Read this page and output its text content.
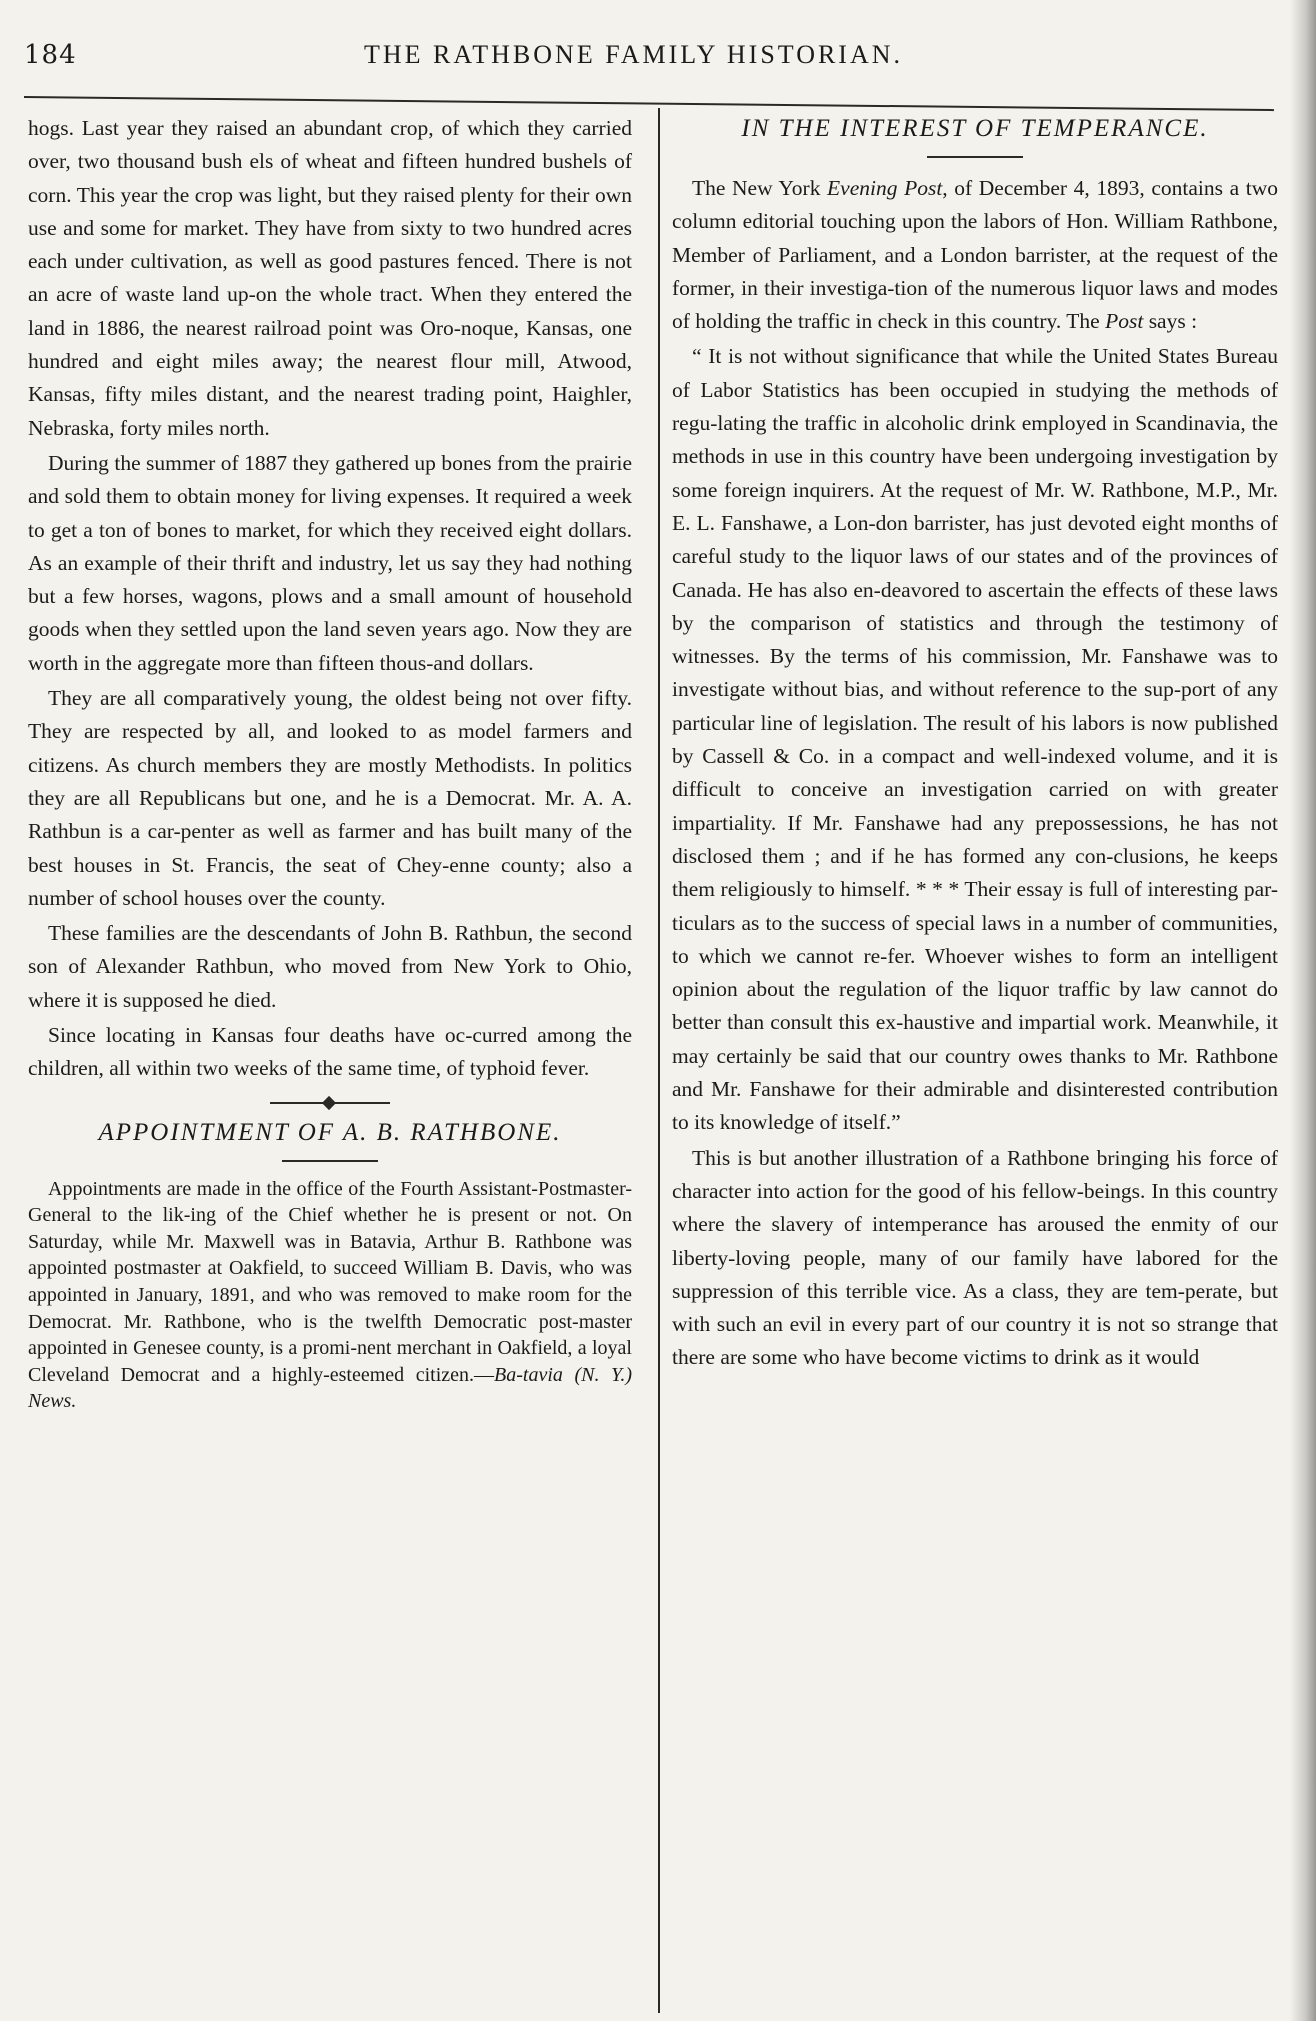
184	THE RATHBONE FAMILY HISTORIAN.

hogs. Last year they raised an abundant crop, of which they carried over, two thousand bush els of wheat and fifteen hundred bushels of corn. This year the crop was light, but they raised plenty for their own use and some for market. They have from sixty to two hundred acres each under cultivation, as well as good pastures fenced. There is not an acre of waste land up-on the whole tract. When they entered the land in 1886, the nearest railroad point was Oro-noque, Kansas, one hundred and eight miles away; the nearest flour mill, Atwood, Kansas, fifty miles distant, and the nearest trading point, Haighler, Nebraska, forty miles north.

During the summer of 1887 they gathered up bones from the prairie and sold them to obtain money for living expenses. It required a week to get a ton of bones to market, for which they received eight dollars. As an example of their thrift and industry, let us say they had nothing but a few horses, wagons, plows and a small amount of household goods when they settled upon the land seven years ago. Now they are worth in the aggregate more than fifteen thous-and dollars.

They are all comparatively young, the oldest being not over fifty. They are respected by all, and looked to as model farmers and citizens. As church members they are mostly Methodists. In politics they are all Republicans but one, and he is a Democrat. Mr. A. A. Rathbun is a car-penter as well as farmer and has built many of the best houses in St. Francis, the seat of Chey-enne county; also a number of school houses over the county.

These families are the descendants of John B. Rathbun, the second son of Alexander Rathbun, who moved from New York to Ohio, where it is supposed he died.

Since locating in Kansas four deaths have oc-curred among the children, all within two weeks of the same time, of typhoid fever.

APPOINTMENT OF A. B. RATHBONE.

Appointments are made in the office of the Fourth Assistant-Postmaster-General to the lik-ing of the Chief whether he is present or not. On Saturday, while Mr. Maxwell was in Batavia, Arthur B. Rathbone was appointed postmaster at Oakfield, to succeed William B. Davis, who was appointed in January, 1891, and who was removed to make room for the Democrat. Mr. Rathbone, who is the twelfth Democratic post-master appointed in Genesee county, is a promi-nent merchant in Oakfield, a loyal Cleveland Democrat and a highly-esteemed citizen.—Ba-tavia (N. Y.) News.

IN THE INTEREST OF TEMPERANCE.

The New York Evening Post, of December 4, 1893, contains a two column editorial touching upon the labors of Hon. William Rathbone, Member of Parliament, and a London barrister, at the request of the former, in their investiga-tion of the numerous liquor laws and modes of holding the traffic in check in this country. The Post says :

“ It is not without significance that while the United States Bureau of Labor Statistics has been occupied in studying the methods of regu-lating the traffic in alcoholic drink employed in Scandinavia, the methods in use in this country have been undergoing investigation by some foreign inquirers. At the request of Mr. W. Rathbone, M.P., Mr. E. L. Fanshawe, a Lon-don barrister, has just devoted eight months of careful study to the liquor laws of our states and of the provinces of Canada. He has also en-deavored to ascertain the effects of these laws by the comparison of statistics and through the testimony of witnesses. By the terms of his commission, Mr. Fanshawe was to investigate without bias, and without reference to the sup-port of any particular line of legislation. The result of his labors is now published by Cassell & Co. in a compact and well-indexed volume, and it is difficult to conceive an investigation carried on with greater impartiality. If Mr. Fanshawe had any prepossessions, he has not disclosed them ; and if he has formed any con-clusions, he keeps them religiously to himself. * * * Their essay is full of interesting par-ticulars as to the success of special laws in a number of communities, to which we cannot re-fer. Whoever wishes to form an intelligent opinion about the regulation of the liquor traffic by law cannot do better than consult this ex-haustive and impartial work. Meanwhile, it may certainly be said that our country owes thanks to Mr. Rathbone and Mr. Fanshawe for their admirable and disinterested contribution to its knowledge of itself.”

This is but another illustration of a Rathbone bringing his force of character into action for the good of his fellow-beings. In this country where the slavery of intemperance has aroused the enmity of our liberty-loving people, many of our family have labored for the suppression of this terrible vice. As a class, they are tem-perate, but with such an evil in every part of our country it is not so strange that there are some who have become victims to drink as it would
